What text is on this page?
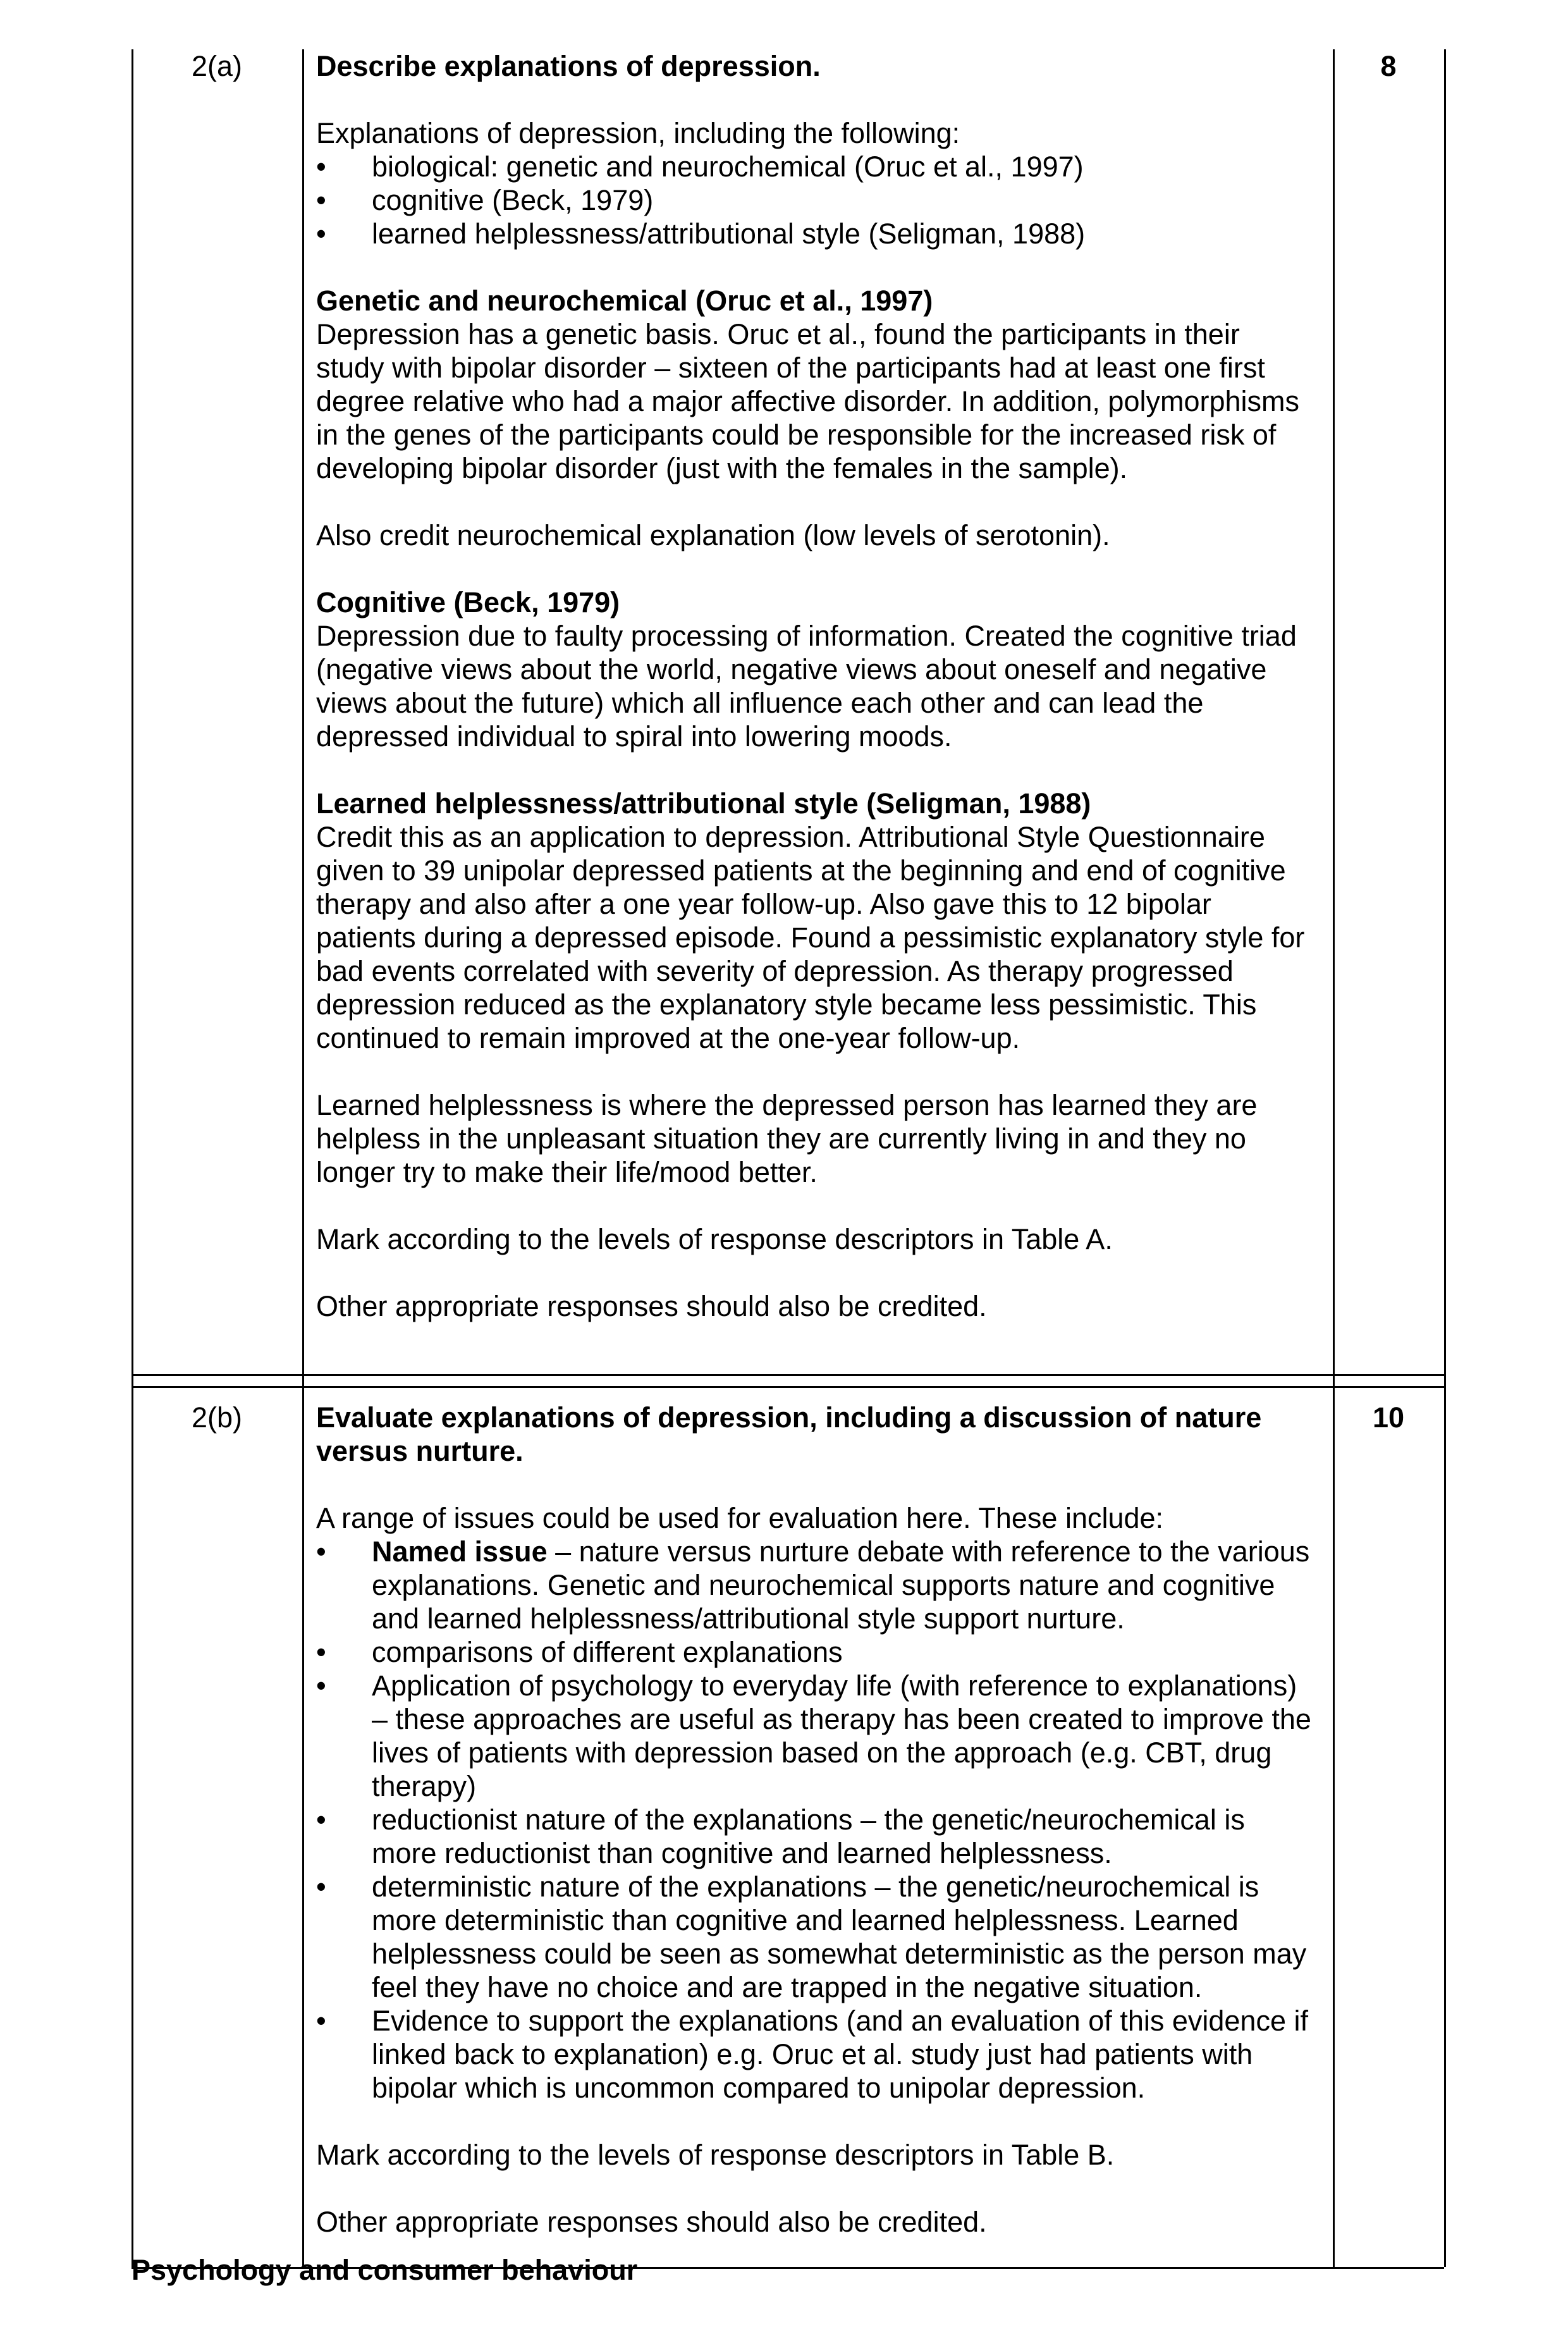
2(a)	8

Describe explanations of depression.

Explanations of depression, including the following:
• biological: genetic and neurochemical (Oruc et al., 1997)
• cognitive (Beck, 1979)
• learned helplessness/attributional style (Seligman, 1988)
Genetic and neurochemical (Oruc et al., 1997)

Depression has a genetic basis. Oruc et al., found the participants in their study with bipolar disorder – sixteen of the participants had at least one first degree relative who had a major affective disorder. In addition, polymorphisms in the genes of the participants could be responsible for the increased risk of developing bipolar disorder (just with the females in the sample).

Also credit neurochemical explanation (low levels of serotonin).

Cognitive (Beck, 1979)

Depression due to faulty processing of information. Created the cognitive triad (negative views about the world, negative views about oneself and negative views about the future) which all influence each other and can lead the depressed individual to spiral into lowering moods.

Learned helplessness/attributional style (Seligman, 1988)

Credit this as an application to depression. Attributional Style Questionnaire given to 39 unipolar depressed patients at the beginning and end of cognitive therapy and also after a one year follow-up. Also gave this to 12 bipolar patients during a depressed episode. Found a pessimistic explanatory style for bad events correlated with severity of depression. As therapy progressed depression reduced as the explanatory style became less pessimistic. This continued to remain improved at the one-year follow-up.

Learned helplessness is where the depressed person has learned they are helpless in the unpleasant situation they are currently living in and they no longer try to make their life/mood better.

Mark according to the levels of response descriptors in Table A.

Other appropriate responses should also be credited.

2(b)	10

Evaluate explanations of depression, including a discussion of nature versus nurture.

A range of issues could be used for evaluation here. These include:
• Named issue – nature versus nurture debate with reference to the various explanations. Genetic and neurochemical supports nature and cognitive and learned helplessness/attributional style support nurture.
• comparisons of different explanations
• Application of psychology to everyday life (with reference to explanations) – these approaches are useful as therapy has been created to improve the lives of patients with depression based on the approach (e.g. CBT, drug therapy)
• reductionist nature of the explanations – the genetic/neurochemical is more reductionist than cognitive and learned helplessness.
• deterministic nature of the explanations – the genetic/neurochemical is more deterministic than cognitive and learned helplessness. Learned helplessness could be seen as somewhat deterministic as the person may feel they have no choice and are trapped in the negative situation.
• Evidence to support the explanations (and an evaluation of this evidence if linked back to explanation) e.g. Oruc et al. study just had patients with bipolar which is uncommon compared to unipolar depression.

Mark according to the levels of response descriptors in Table B.

Other appropriate responses should also be credited.

Psychology and consumer behaviour
